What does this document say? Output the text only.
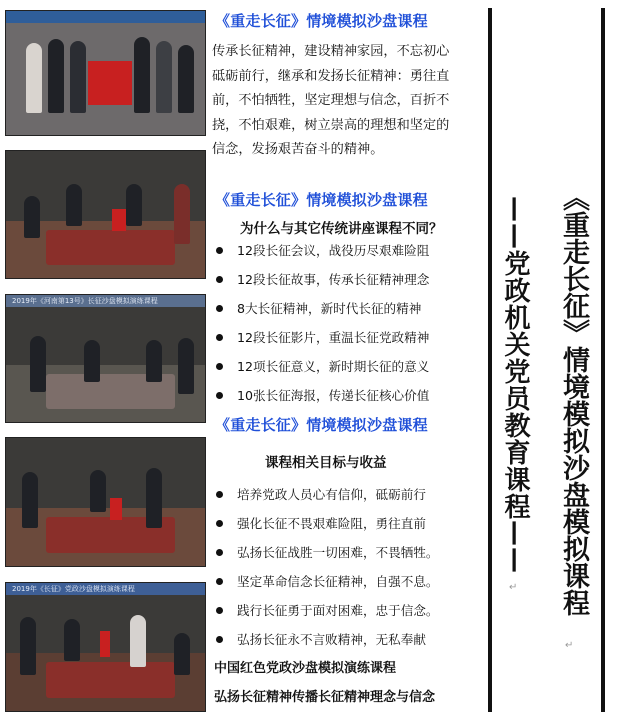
2019年《河南第13号》长征沙盘模拟演练课程
2019年《长征》党政沙盘模拟演练课程
《重走长征》情境模拟沙盘课程
传承长征精神，建设精神家园，不忘初心
砥砺前行，继承和发扬长征精神：勇往直
前，不怕牺牲，坚定理想与信念，百折不
挠，不怕艰难，树立崇高的理想和坚定的
信念，发扬艰苦奋斗的精神。
《重走长征》情境模拟沙盘课程
为什么与其它传统讲座课程不同？
12段长征会议，战役历尽艰难险阻
12段长征故事，传承长征精神理念
8大长征精神，新时代长征的精神
12段长征影片，重温长征党政精神
12项长征意义，新时期长征的意义
10张长征海报，传递长征核心价值
《重走长征》情境模拟沙盘课程
课程相关目标与收益
培养党政人员心有信仰，砥砺前行
强化长征不畏艰难险阻，勇往直前
弘扬长征战胜一切困难，不畏牺牲。
坚定革命信念长征精神，自强不息。
践行长征勇于面对困难，忠于信念。
弘扬长征永不言败精神，无私奉献
中国红色党政沙盘模拟演练课程
弘扬长征精神传播长征精神理念与信念
——党政机关党员教育课程—— 《重走长征》情境模拟沙盘模拟课程
↵
↵
